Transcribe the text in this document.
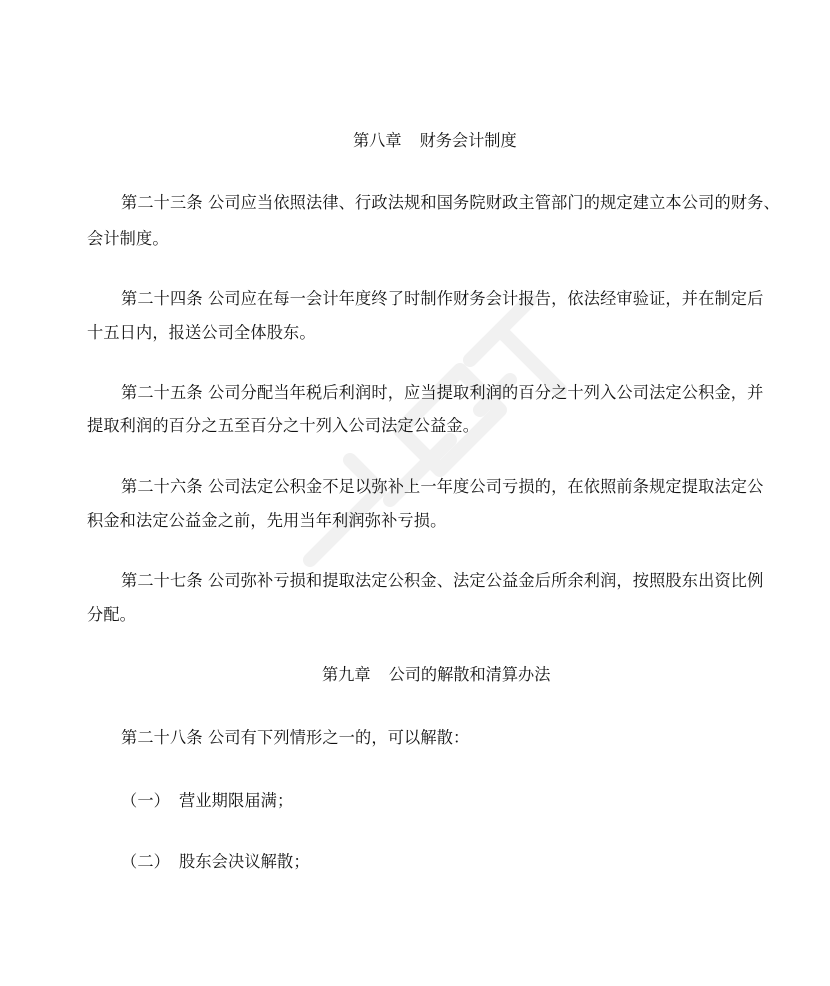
第八章 财务会计制度
第二十三条 公司应当依照法律、行政法规和国务院财政主管部门的规定建立本公司的财务、
会计制度。
第二十四条 公司应在每一会计年度终了时制作财务会计报告，依法经审验证，并在制定后
十五日内，报送公司全体股东。
第二十五条 公司分配当年税后利润时，应当提取利润的百分之十列入公司法定公积金，并
提取利润的百分之五至百分之十列入公司法定公益金。
第二十六条 公司法定公积金不足以弥补上一年度公司亏损的，在依照前条规定提取法定公
积金和法定公益金之前，先用当年利润弥补亏损。
第二十七条 公司弥补亏损和提取法定公积金、法定公益金后所余利润，按照股东出资比例
分配。
第九章 公司的解散和清算办法
第二十八条 公司有下列情形之一的，可以解散：
（一） 营业期限届满；
（二） 股东会决议解散；
